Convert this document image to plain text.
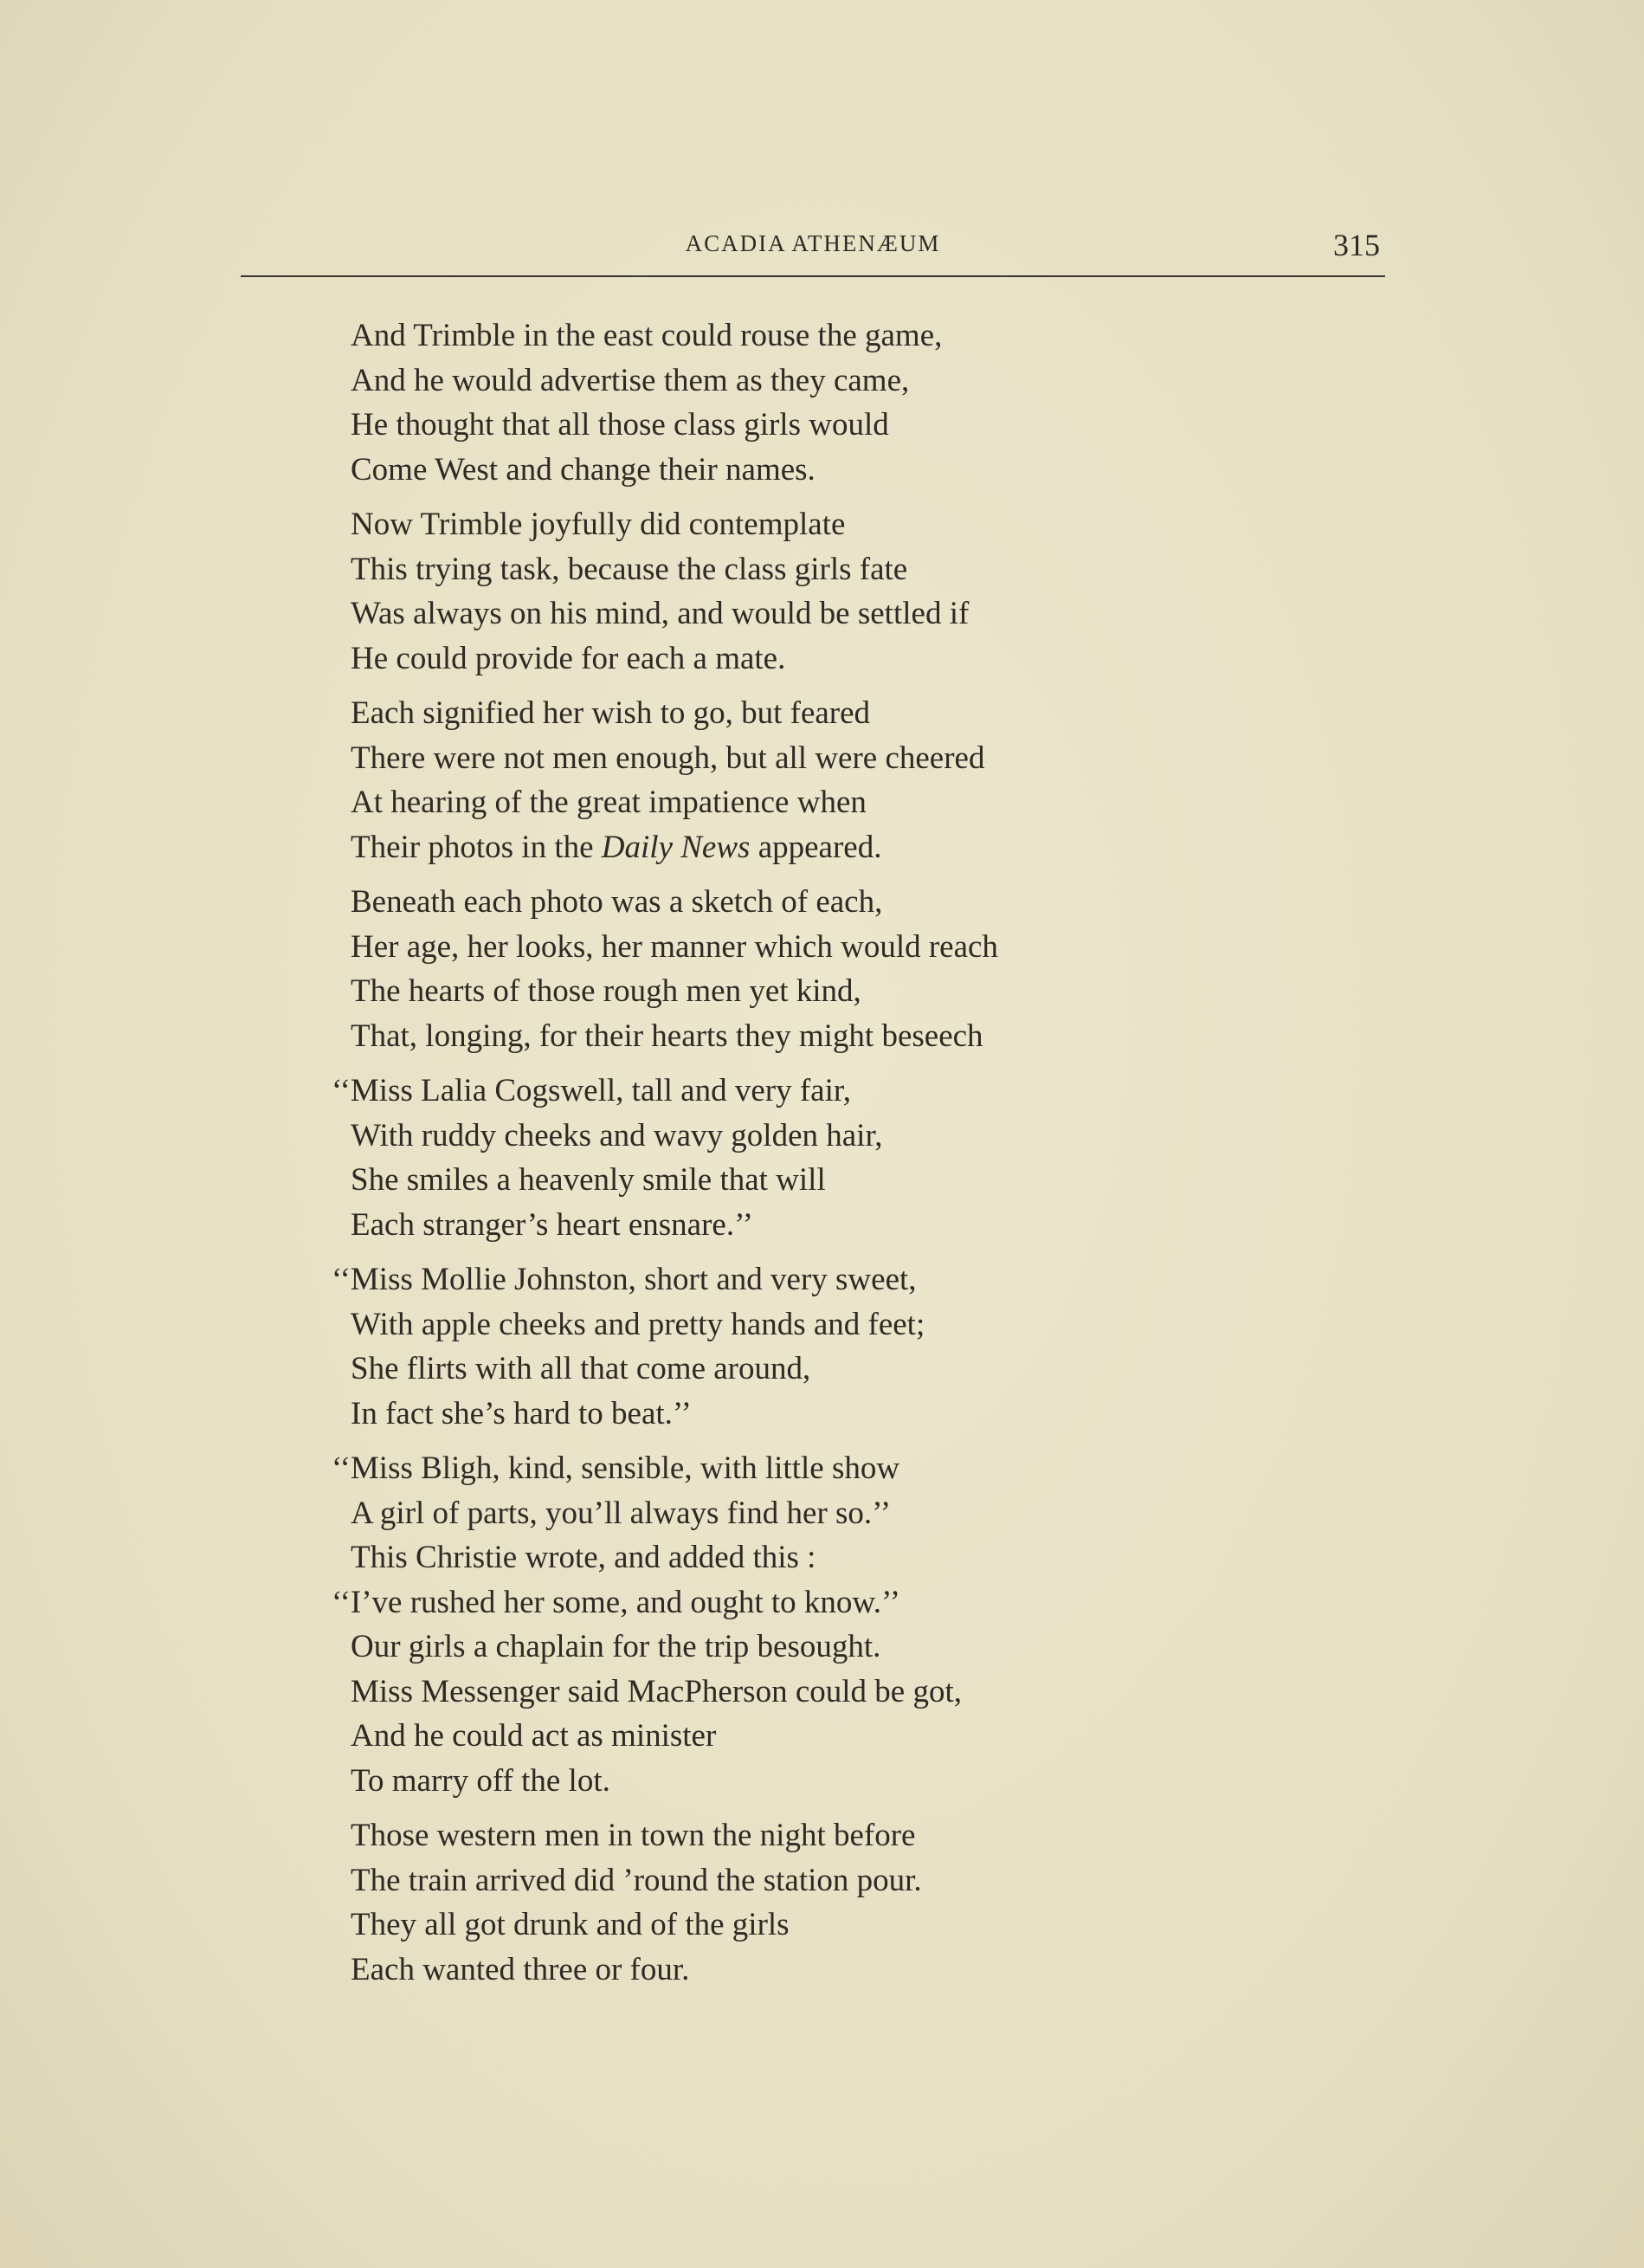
ACADIA ATHENÆUM	315
And Trimble in the east could rouse the game,
And he would advertise them as they came,
He thought that all those class girls would
Come West and change their names.
Now Trimble joyfully did contemplate
This trying task, because the class girls fate
Was always on his mind, and would be settled if
He could provide for each a mate.
Each signified her wish to go, but feared
There were not men enough, but all were cheered
At hearing of the great impatience when
Their photos in the Daily News appeared.
Beneath each photo was a sketch of each,
Her age, her looks, her manner which would reach
The hearts of those rough men yet kind,
That, longing, for their hearts they might beseech
‘‘Miss Lalia Cogswell, tall and very fair,
With ruddy cheeks and wavy golden hair,
She smiles a heavenly smile that will
Each stranger’s heart ensnare.’’
‘‘Miss Mollie Johnston, short and very sweet,
With apple cheeks and pretty hands and feet;
She flirts with all that come around,
In fact she’s hard to beat.’’
‘‘Miss Bligh, kind, sensible, with little show
A girl of parts, you’ll always find her so.’’
This Christie wrote, and added this :
‘‘I’ve rushed her some, and ought to know.’’
Our girls a chaplain for the trip besought.
Miss Messenger said MacPherson could be got,
And he could act as minister
To marry off the lot.
Those western men in town the night before
The train arrived did ’round the station pour.
They all got drunk and of the girls
Each wanted three or four.
